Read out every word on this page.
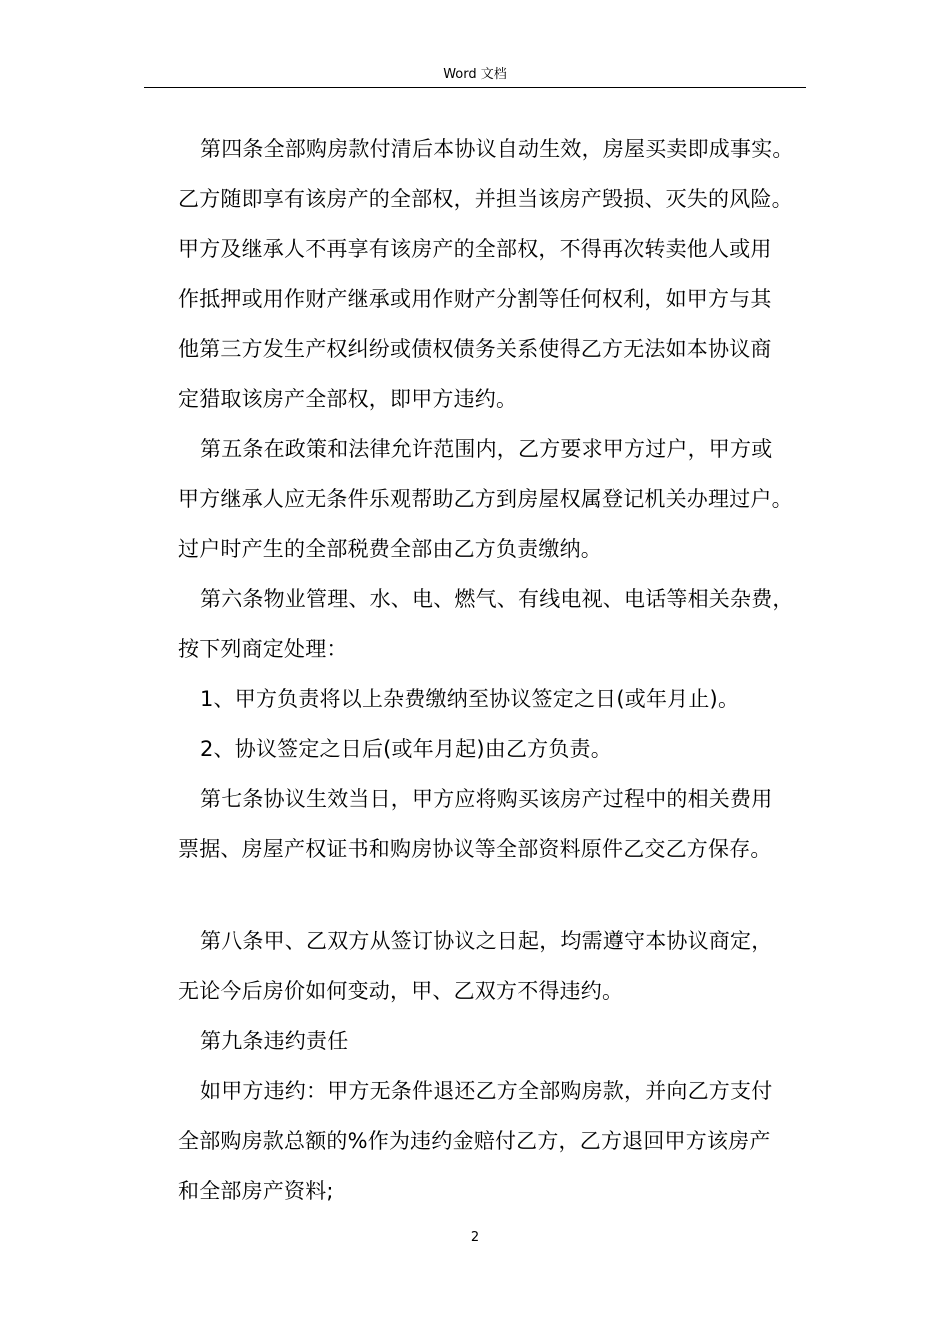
Word 文档
第四条全部购房款付清后本协议自动生效，房屋买卖即成事实。
乙方随即享有该房产的全部权，并担当该房产毁损、灭失的风险。
甲方及继承人不再享有该房产的全部权，不得再次转卖他人或用
作抵押或用作财产继承或用作财产分割等任何权利，如甲方与其
他第三方发生产权纠纷或债权债务关系使得乙方无法如本协议商
定猎取该房产全部权，即甲方违约。
第五条在政策和法律允许范围内，乙方要求甲方过户，甲方或
甲方继承人应无条件乐观帮助乙方到房屋权属登记机关办理过户。
过户时产生的全部税费全部由乙方负责缴纳。
第六条物业管理、水、电、燃气、有线电视、电话等相关杂费，
按下列商定处理：
1、甲方负责将以上杂费缴纳至协议签定之日(或年月止)。
2、协议签定之日后(或年月起)由乙方负责。
第七条协议生效当日，甲方应将购买该房产过程中的相关费用
票据、房屋产权证书和购房协议等全部资料原件乙交乙方保存。
第八条甲、乙双方从签订协议之日起，均需遵守本协议商定，
无论今后房价如何变动，甲、乙双方不得违约。
第九条违约责任
如甲方违约：甲方无条件退还乙方全部购房款，并向乙方支付
全部购房款总额的%作为违约金赔付乙方，乙方退回甲方该房产
和全部房产资料;
2
